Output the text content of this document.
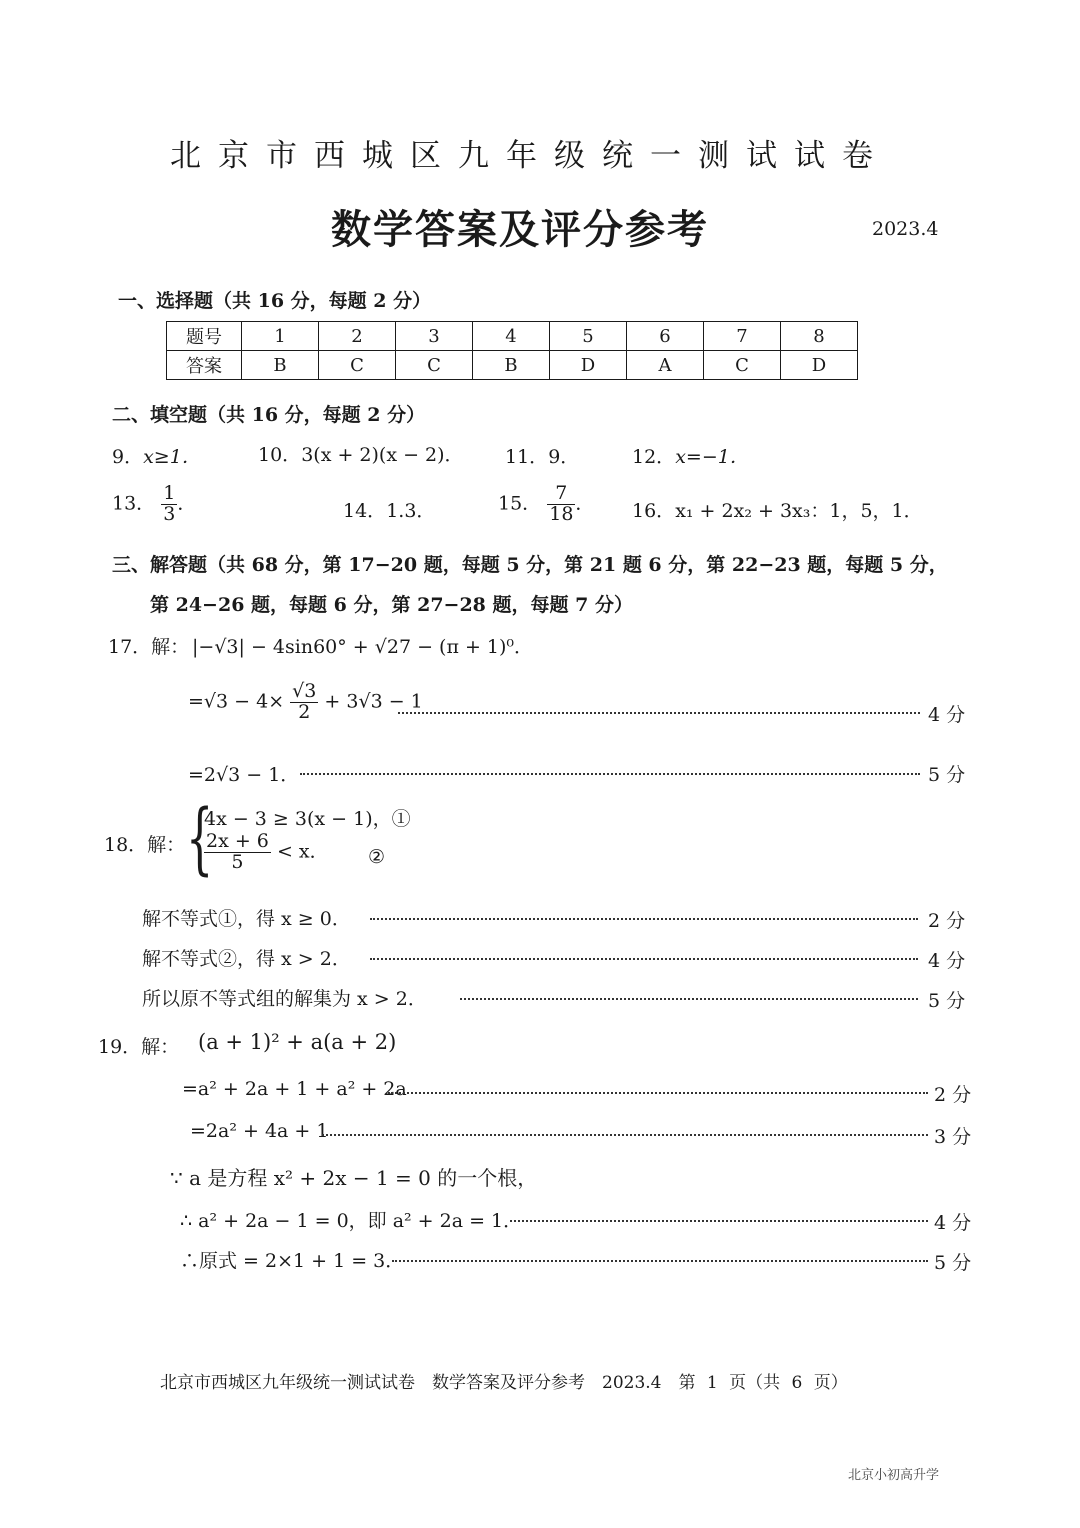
北京市西城区九年级统一测试试卷
数学答案及评分参考	2023.4
一、选择题（共 16 分，每题 2 分）
题号	1	2	3	4	5	6	7	8
答案	B	C	C	B	D	A	C	D
二、填空题（共 16 分，每题 2 分）
9．x≥1．	10．3(x + 2)(x − 2)． 11．9．	12．x=−1．
13． $\frac{1}{3}$ ．	14．1.3．	15． $\frac{7}{18}$ ． 16．x₁ + 2x₂ + 3x₃：1，5，1．
三、解答题（共 68 分，第 17−20 题，每题 5 分，第 21 题 6 分，第 22−23 题，每题 5 分，
第 24−26 题，每题 6 分，第 27−28 题，每题 7 分）
17．解： |−√3| − 4sin60° + √27 − (π + 1)⁰．
$=√3 - 4\times \frac{√3}{2} + 3√3 - 1$
4 分
=2√3 − 1．	5 分
18．解： {
4x − 3 ≥ 3(x − 1)，①
$\frac{2x + 6}{5} < x$． ②
解不等式①，得 x ≥ 0．	2 分
解不等式②，得 x > 2．	4 分
所以原不等式组的解集为 x > 2．	5 分
19．解： (a + 1)² + a(a + 2)
=a² + 2a + 1 + a² + 2a	2 分
=2a² + 4a + 1	3 分
∵ a 是方程 x² + 2x − 1 = 0 的一个根，
∴ a² + 2a − 1 = 0，即 a² + 2a = 1．	4 分
∴原式 = 2×1 + 1 = 3．	5 分
北京市西城区九年级统一测试试卷　数学答案及评分参考　2023.4　第 1 页（共 6 页）
北京小初高升学
